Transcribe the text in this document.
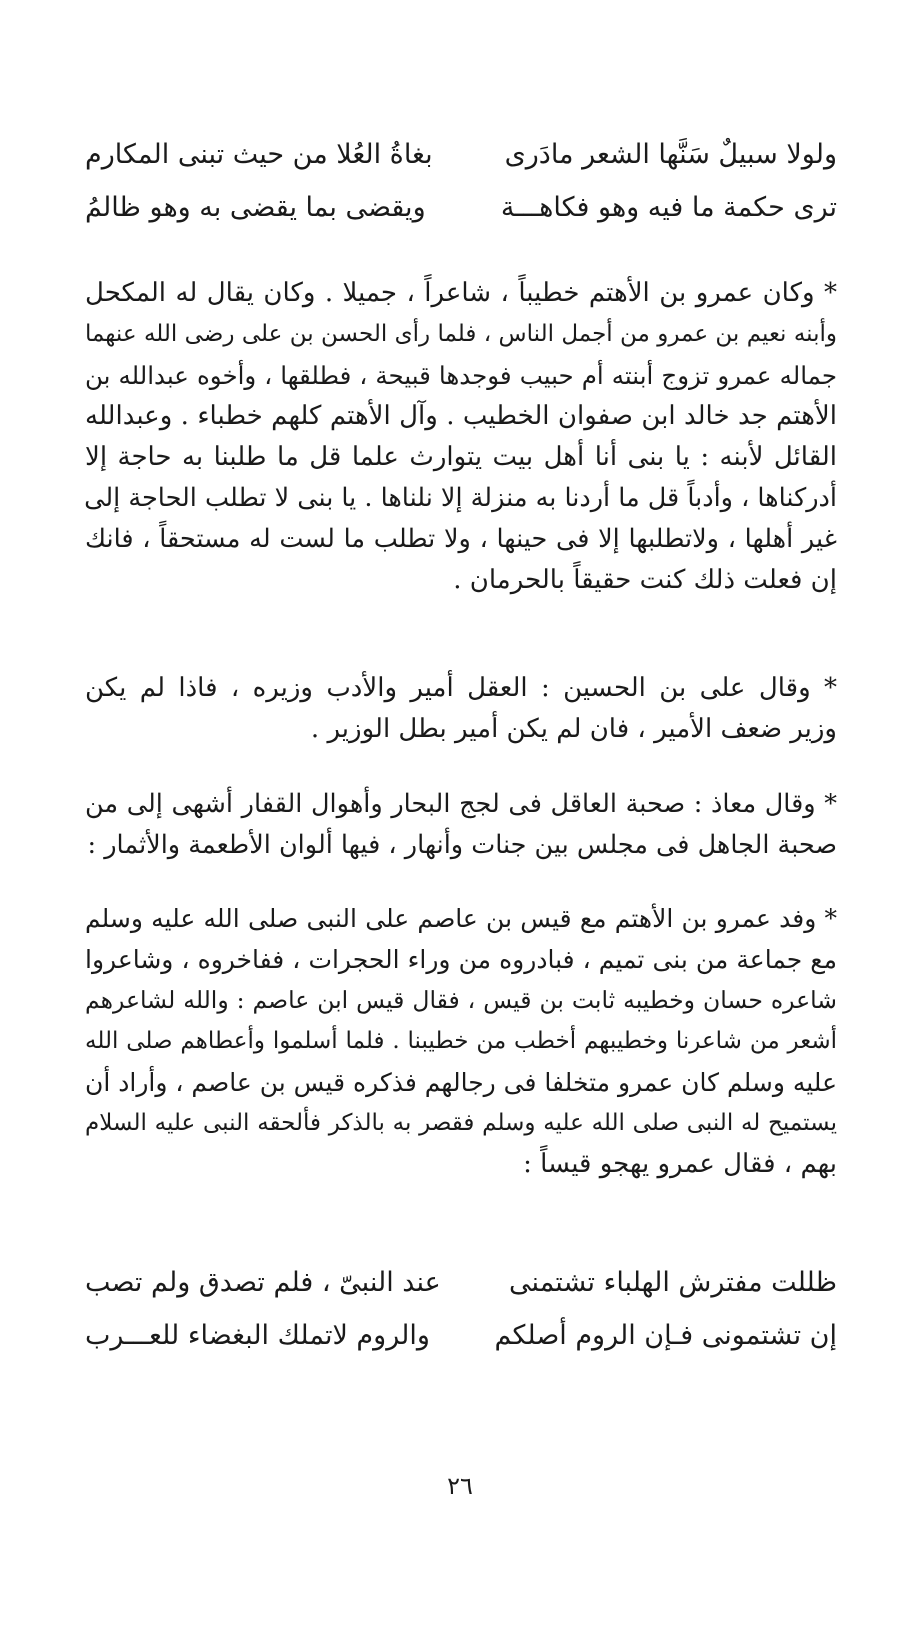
ولولا سبيلٌ سَنَّها الشعر مادَرى
بغاةُ العُلا من حيث تبنى المكارم
ترى حكمة ما فيه وهو فكاهـــة
ويقضى بما يقضى به وهو ظالمُ
* وكان عمرو بن الأهتم خطيباً ، شاعراً ، جميلا . وكان يقال له المكحل
وأبنه نعيم بن عمرو من أجمل الناس ، فلما رأى الحسن بن على رضى الله عنهما
جماله عمرو تزوج أبنته أم حبيب فوجدها قبيحة ، فطلقها ، وأخوه عبدالله بن
الأهتم جد خالد ابن صفوان الخطيب . وآل الأهتم كلهم خطباء . وعبدالله
القائل لأبنه : يا بنى أنا أهل بيت يتوارث علما قل ما طلبنا به حاجة إلا
أدركناها ، وأدباً قل ما أردنا به منزلة إلا نلناها . يا بنى لا تطلب الحاجة إلى
غير أهلها ، ولاتطلبها إلا فى حينها ، ولا تطلب ما لست له مستحقاً ، فانك
إن فعلت ذلك كنت حقيقاً بالحرمان .
* وقال على بن الحسين : العقل أمير والأدب وزيره ، فاذا لم يكن
وزير ضعف الأمير ، فان لم يكن أمير بطل الوزير .
* وقال معاذ : صحبة العاقل فى لجج البحار وأهوال القفار أشهى إلى من
صحبة الجاهل فى مجلس بين جنات وأنهار ، فيها ألوان الأطعمة والأثمار :
* وفد عمرو بن الأهتم مع قيس بن عاصم على النبى صلى الله عليه وسلم
مع جماعة من بنى تميم ، فبادروه من وراء الحجرات ، ففاخروه ، وشاعروا
شاعره حسان وخطيبه ثابت بن قيس ، فقال قيس ابن عاصم : والله لشاعرهم
أشعر من شاعرنا وخطيبهم أخطب من خطيبنا . فلما أسلموا وأعطاهم صلى الله
عليه وسلم كان عمرو متخلفا فى رجالهم فذكره قيس بن عاصم ، وأراد أن
يستميح له النبى صلى الله عليه وسلم فقصر به بالذكر فألحقه النبى عليه السلام
بهم ، فقال عمرو يهجو قيساً :
ظللت مفترش الهلباء تشتمنى
عند النبىّ ، فلم تصدق ولم تصب
إن تشتمونى فـإن الروم أصلكم
والروم لاتملك البغضاء للعـــرب
٢٦
